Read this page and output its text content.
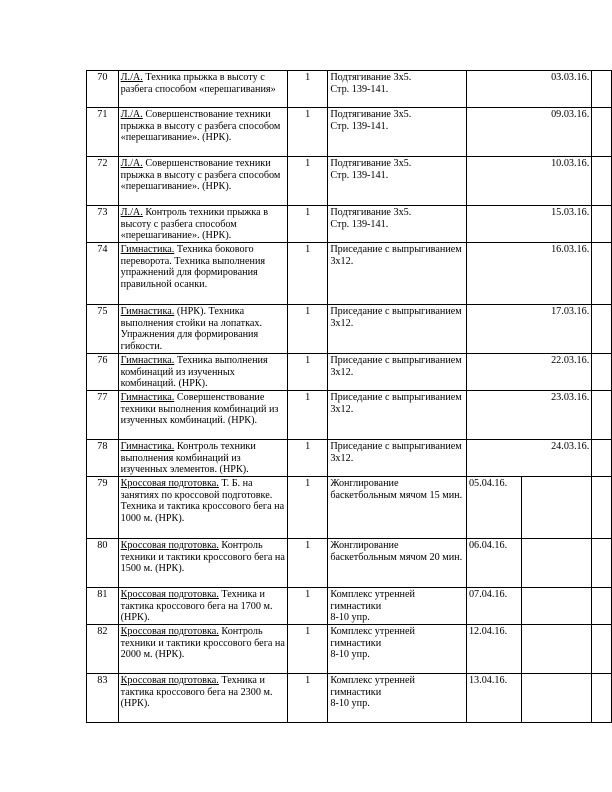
70	Л./А. Техника прыжка в высоту с разбега способом «перешагивания»	1	Подтягивание 3х5.
Стр. 139-141.	03.03.16.		
71	Л./А. Совершенствование техники прыжка в высоту с разбега способом «перешагивание». (НРК).	1	Подтягивание 3х5.
Стр. 139-141.	09.03.16.		
72	Л./А. Совершенствование техники прыжка в высоту с разбега способом «перешагивание». (НРК).	1	Подтягивание 3х5.
Стр. 139-141.	10.03.16.		
73	Л./А. Контроль техники прыжка в высоту с разбега способом «перешагивание». (НРК).	1	Подтягивание 3х5.
Стр. 139-141.	15.03.16.		
74	Гимнастика. Техника бокового переворота. Техника выполнения упражнений для формирования правильной осанки.	1	Приседание с выпрыгиванием 3х12.	16.03.16.		
75	Гимнастика. (НРК). Техника выполнения стойки на лопатках. Упражнения для формирования гибкости.	1	Приседание с выпрыгиванием 3х12.	17.03.16.		
76	Гимнастика. Техника выполнения комбинаций из изученных комбинаций. (НРК).	1	Приседание с выпрыгиванием 3х12.	22.03.16.		
77	Гимнастика. Совершенствование техники выполнения комбинаций из изученных комбинаций. (НРК).	1	Приседание с выпрыгиванием 3х12.	23.03.16.		
78	Гимнастика. Контроль техники выполнения комбинаций из изученных элементов. (НРК).	1	Приседание с выпрыгиванием 3х12.	24.03.16.		
79	Кроссовая подготовка. Т. Б. на занятиях по кроссовой подготовке. Техника и тактика кроссового бега на 1000 м. (НРК).	1	Жонглирование баскетбольным мячом 15 мин.	05.04.16.		
80	Кроссовая подготовка. Контроль техники и тактики кроссового бега на 1500 м. (НРК).	1	Жонглирование баскетбольным мячом 20 мин.	06.04.16.		
81	Кроссовая подготовка. Техника и тактика кроссового бега на 1700 м. (НРК).	1	Комплекс утренней гимнастики
8-10 упр.	07.04.16.		
82	Кроссовая подготовка. Контроль техники и тактики кроссового бега на 2000 м. (НРК).	1	Комплекс утренней гимнастики
8-10 упр.	12.04.16.		
83	Кроссовая подготовка. Техника и тактика кроссового бега на 2300 м. (НРК).	1	Комплекс утренней гимнастики
8-10 упр.	13.04.16.		
